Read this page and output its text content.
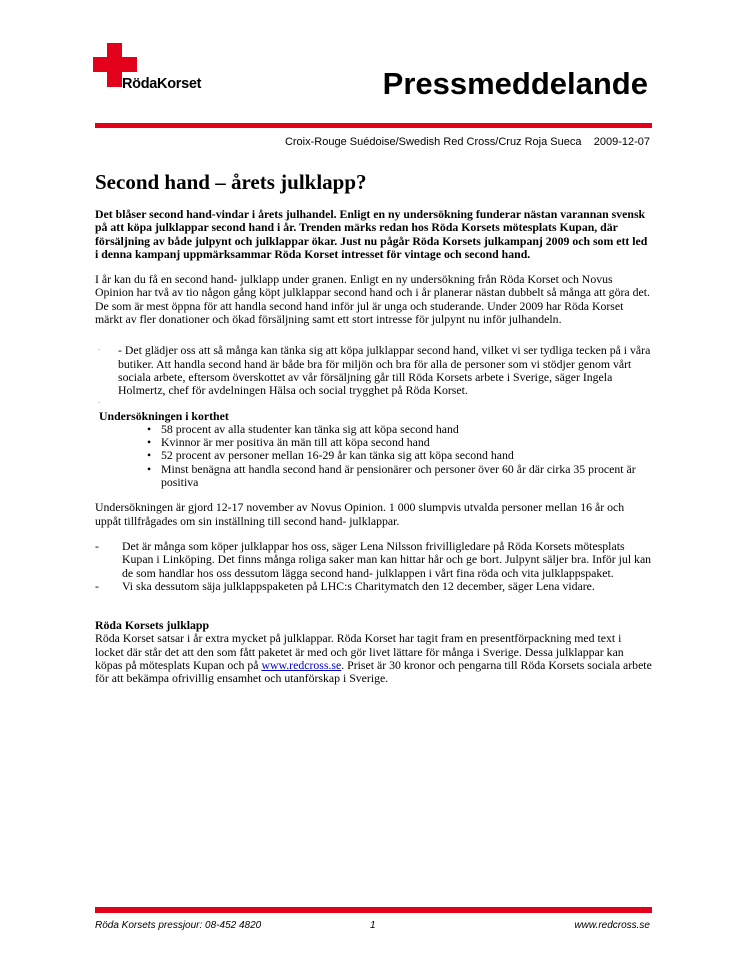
RödaKorset	Pressmeddelande
Croix-Rouge Suédoise/Swedish Red Cross/Cruz Roja Sueca 2009-12-07
Second hand – årets julklapp?

Det blåser second hand-vindar i årets julhandel. Enligt en ny undersökning funderar nästan varannan svensk på att köpa julklappar second hand i år. Trenden märks redan hos Röda Korsets mötesplats Kupan, där försäljning av både julpynt och julklappar ökar. Just nu pågår Röda Korsets julkampanj 2009 och som ett led i denna kampanj uppmärksammar Röda Korset intresset för vintage och second hand.

I år kan du få en second hand- julklapp under granen. Enligt en ny undersökning från Röda Korset och Novus Opinion har två av tio någon gång köpt julklappar second hand och i år planerar nästan dubbelt så många att göra det. De som är mest öppna för att handla second hand inför jul är unga och studerande. Under 2009 har Röda Korset märkt av fler donationer och ökad försäljning samt ett stort intresse för julpynt nu inför julhandeln.

· - Det glädjer oss att så många kan tänka sig att köpa julklappar second hand, vilket vi ser tydliga tecken på i våra butiker. Att handla second hand är både bra för miljön och bra för alla de personer som vi stödjer genom vårt sociala arbete, eftersom överskottet av vår försäljning går till Röda Korsets arbete i Sverige, säger Ingela Holmertz, chef för avdelningen Hälsa och social trygghet på Röda Korset.

·

Undersökningen i korthet

• 58 procent av alla studenter kan tänka sig att köpa second hand
• Kvinnor är mer positiva än män till att köpa second hand
• 52 procent av personer mellan 16-29 år kan tänka sig att köpa second hand
• Minst benägna att handla second hand är pensionärer och personer över 60 år där cirka 35 procent är positiva

Undersökningen är gjord 12-17 november av Novus Opinion. 1 000 slumpvis utvalda personer mellan 16 år och uppåt tillfrågades om sin inställning till second hand- julklappar.

- Det är många som köper julklappar hos oss, säger Lena Nilsson frivilligledare på Röda Korsets mötesplats Kupan i Linköping. Det finns många roliga saker man kan hittar hår och ge bort. Julpynt säljer bra. Inför jul kan de som handlar hos oss dessutom lägga second hand- julklappen i vårt fina röda och vita julklappspaket.
- Vi ska dessutom säja julklappspaketen på LHC:s Charitymatch den 12 december, säger Lena vidare.

Röda Korsets julklapp

Röda Korset satsar i år extra mycket på julklappar. Röda Korset har tagit fram en presentförpackning med text i locket där står det att den som fått paketet är med och gör livet lättare för många i Sverige. Dessa julklappar kan köpas på mötesplats Kupan och på www.redcross.se. Priset är 30 kronor och pengarna till Röda Korsets sociala arbete för att bekämpa ofrivillig ensamhet och utanförskap i Sverige.

Röda Korsets pressjour: 08-452 4820	1	www.redcross.se
